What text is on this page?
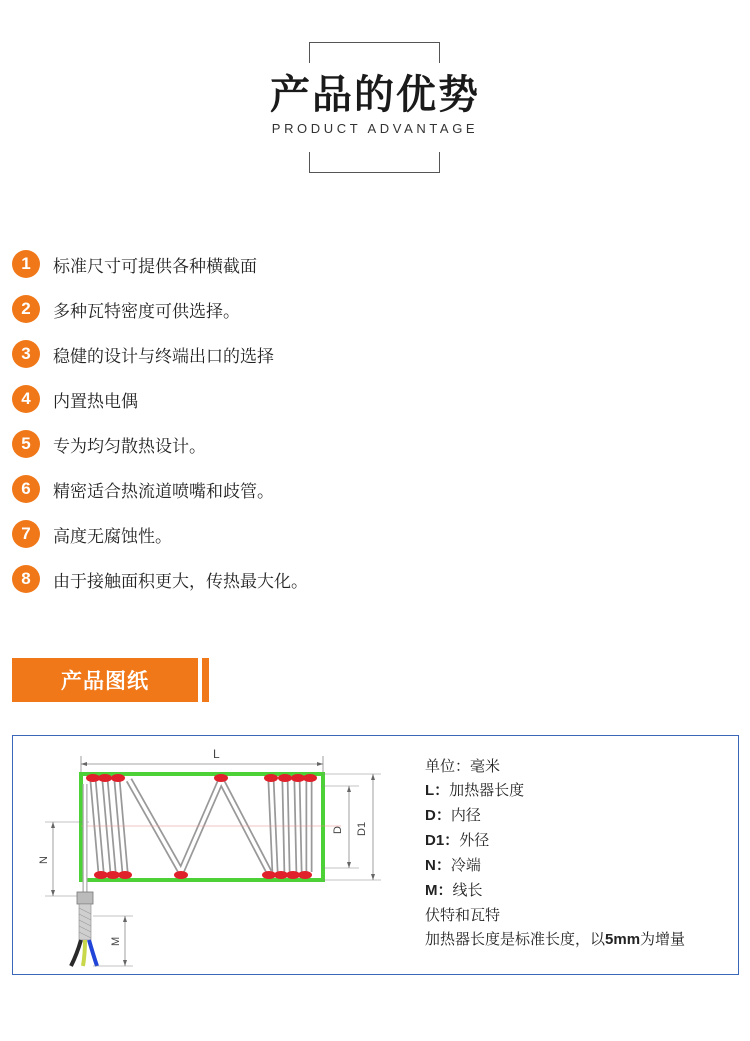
产品的优势
PRODUCT ADVANTAGE
1	标准尺寸可提供各种横截面
2	多种瓦特密度可供选择。
3	稳健的设计与终端出口的选择
4	内置热电偶
5	专为均匀散热设计。
6	精密适合热流道喷嘴和歧管。
7	高度无腐蚀性。
8	由于接触面积更大，传热最大化。
产品图纸
L
D D1
N
M
单位：毫米
L：加热器长度
D：内径
D1：外径
N：冷端
M：线长
伏特和瓦特
加热器长度是标准长度，以5mm为增量
